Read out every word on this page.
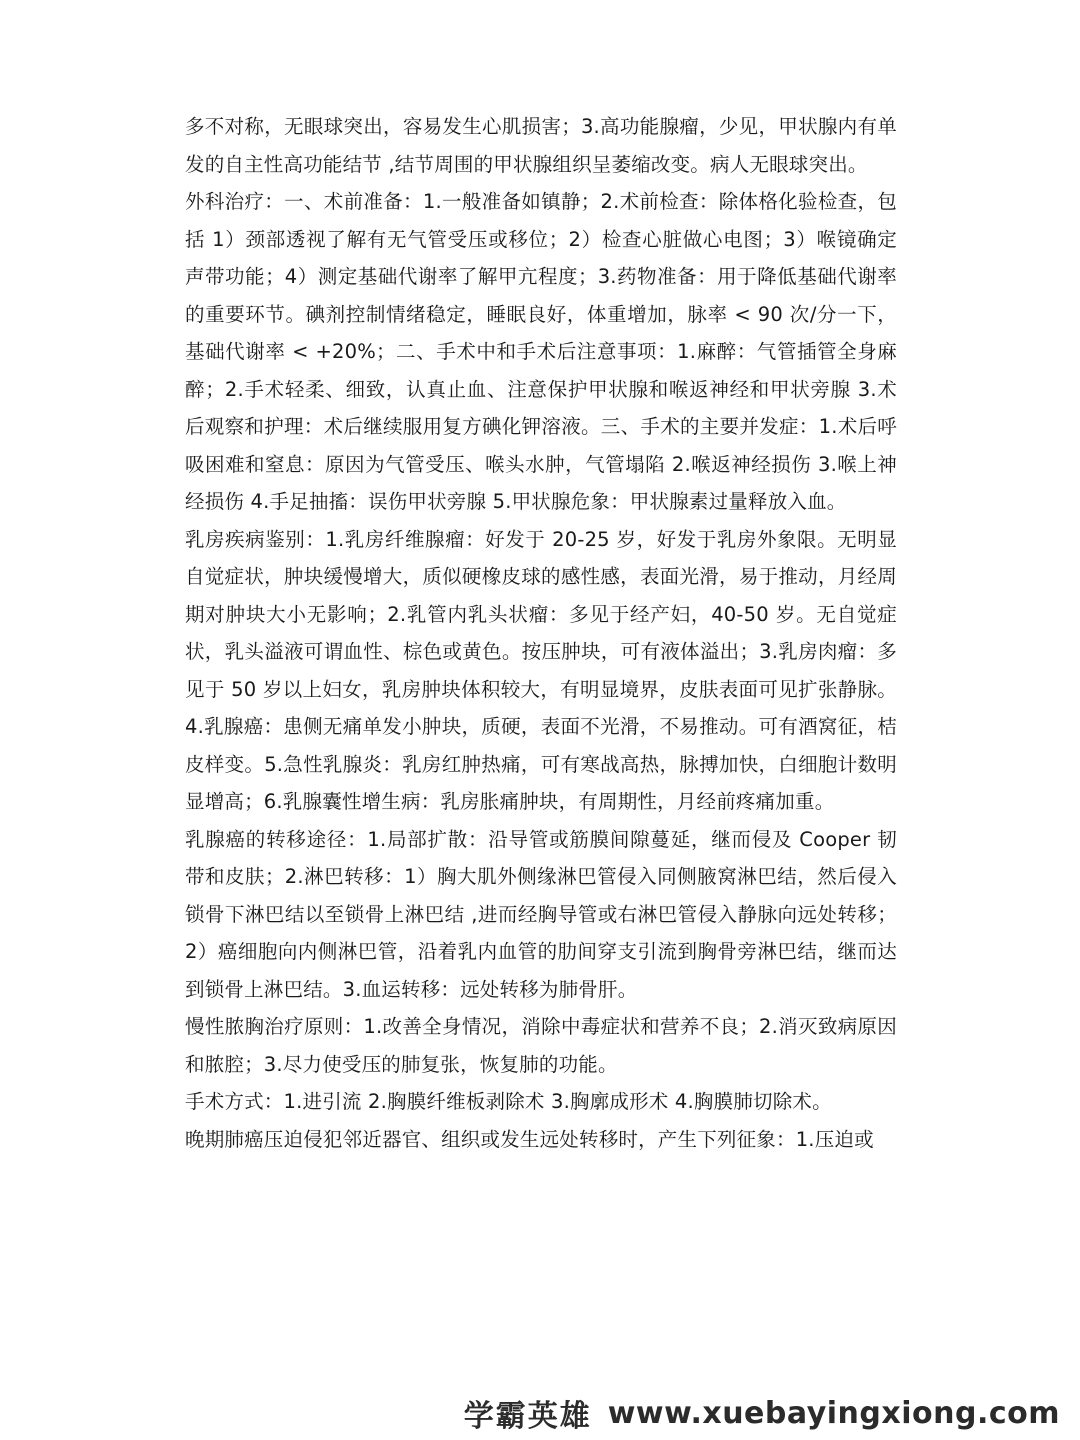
多不对称，无眼球突出，容易发生心肌损害；3.高功能腺瘤，少见，甲状腺内有单发的自主性高功能结节 ,结节周围的甲状腺组织呈萎缩改变。病人无眼球突出。

外科治疗：一、术前准备：1.一般准备如镇静；2.术前检查：除体格化验检查，包括 1）颈部透视了解有无气管受压或移位；2）检查心脏做心电图；3）喉镜确定声带功能；4）测定基础代谢率了解甲亢程度；3.药物准备：用于降低基础代谢率的重要环节。碘剂控制情绪稳定，睡眠良好，体重增加，脉率 < 90 次/分一下，基础代谢率 < +20%；二、手术中和手术后注意事项：1.麻醉：气管插管全身麻醉；2.手术轻柔、细致，认真止血、注意保护甲状腺和喉返神经和甲状旁腺 3.术后观察和护理：术后继续服用复方碘化钾溶液。三、手术的主要并发症：1.术后呼吸困难和窒息：原因为气管受压、喉头水肿，气管塌陷 2.喉返神经损伤 3.喉上神经损伤 4.手足抽搐：误伤甲状旁腺 5.甲状腺危象：甲状腺素过量释放入血。

乳房疾病鉴别：1.乳房纤维腺瘤：好发于 20-25 岁，好发于乳房外象限。无明显自觉症状，肿块缓慢增大，质似硬橡皮球的感性感，表面光滑，易于推动，月经周期对肿块大小无影响；2.乳管内乳头状瘤：多见于经产妇，40-50 岁。无自觉症状，乳头溢液可谓血性、棕色或黄色。按压肿块，可有液体溢出；3.乳房肉瘤：多见于 50 岁以上妇女，乳房肿块体积较大，有明显境界，皮肤表面可见扩张静脉。4.乳腺癌：患侧无痛单发小肿块，质硬，表面不光滑，不易推动。可有酒窝征，桔皮样变。5.急性乳腺炎：乳房红肿热痛，可有寒战高热，脉搏加快，白细胞计数明显增高；6.乳腺囊性增生病：乳房胀痛肿块，有周期性，月经前疼痛加重。

乳腺癌的转移途径：1.局部扩散：沿导管或筋膜间隙蔓延，继而侵及 Cooper 韧带和皮肤；2.淋巴转移：1）胸大肌外侧缘淋巴管侵入同侧腋窝淋巴结，然后侵入锁骨下淋巴结以至锁骨上淋巴结 ,进而经胸导管或右淋巴管侵入静脉向远处转移；2）癌细胞向内侧淋巴管，沿着乳内血管的肋间穿支引流到胸骨旁淋巴结，继而达到锁骨上淋巴结。3.血运转移：远处转移为肺骨肝。

慢性脓胸治疗原则：1.改善全身情况，消除中毒症状和营养不良；2.消灭致病原因和脓腔；3.尽力使受压的肺复张，恢复肺的功能。

手术方式：1.进引流 2.胸膜纤维板剥除术 3.胸廓成形术 4.胸膜肺切除术。

晚期肺癌压迫侵犯邻近器官、组织或发生远处转移时，产生下列征象：1.压迫或

学霸英雄 www.xuebayingxiong.com
